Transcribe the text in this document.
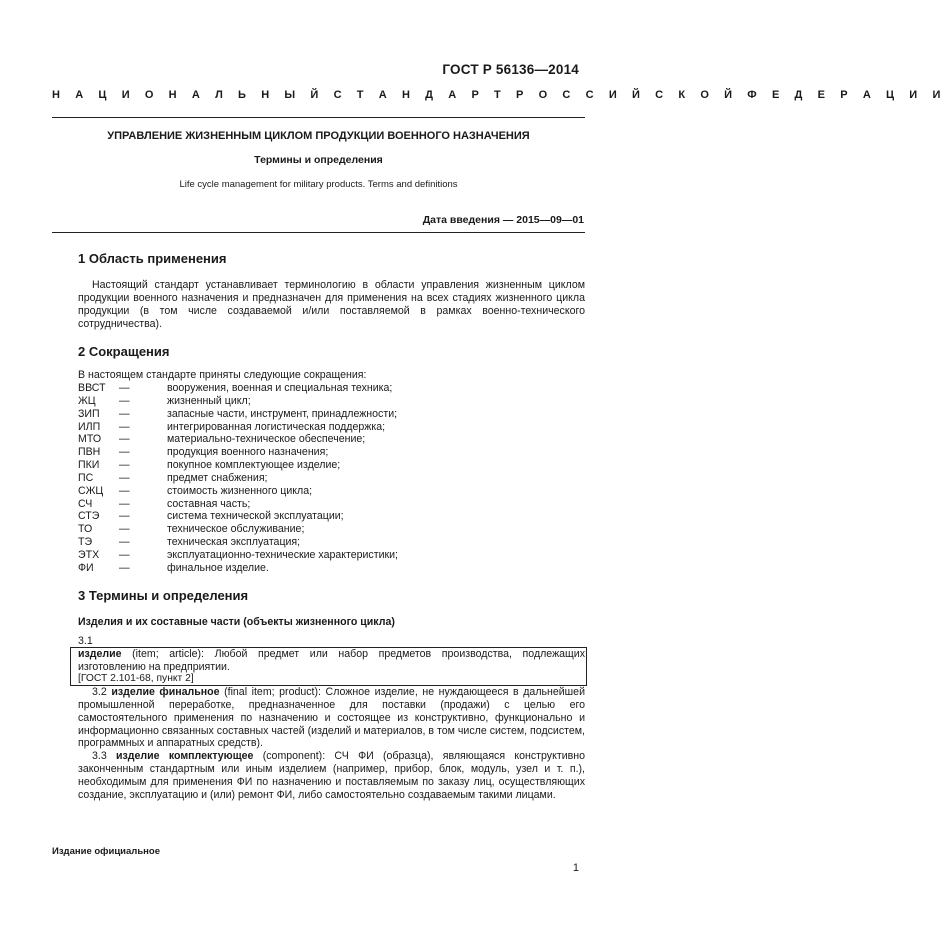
ГОСТ Р 56136—2014
Н А Ц И О Н А Л Ь Н Ы Й С Т А Н Д А Р Т Р О С С И Й С К О Й Ф Е Д Е Р А Ц И И
УПРАВЛЕНИЕ ЖИЗНЕННЫМ ЦИКЛОМ ПРОДУКЦИИ ВОЕННОГО НАЗНАЧЕНИЯ
Термины и определения
Life cycle management for military products. Terms and definitions
Дата введения — 2015—09—01
1 Область применения
Настоящий стандарт устанавливает терминологию в области управления жизненным циклом продукции военного назначения и предназначен для применения на всех стадиях жизненного цикла продукции (в том числе создаваемой и/или поставляемой в рамках военно-технического сотрудничества).
2 Сокращения
В настоящем стандарте приняты следующие сокращения:
ВВСТ —	вооружения, военная и специальная техника;
ЖЦ —	жизненный цикл;
ЗИП —	запасные части, инструмент, принадлежности;
ИЛП —	интегрированная логистическая поддержка;
МТО —	материально-техническое обеспечение;
ПВН —	продукция военного назначения;
ПКИ —	покупное комплектующее изделие;
ПС —	предмет снабжения;
СЖЦ —	стоимость жизненного цикла;
СЧ	—	составная часть;
СТЭ —	система технической эксплуатации;
ТО	—	техническое обслуживание;
ТЭ	—	техническая эксплуатация;
ЭТХ —	эксплуатационно-технические характеристики;
ФИ —	финальное изделие.
3 Термины и определения
Изделия и их составные части (объекты жизненного цикла)
3.1
изделие (item; article): Любой предмет или набор предметов производства, подлежащих изготовлению на предприятии.
[ГОСТ 2.101-68, пункт 2]
3.2 изделие финальное (final item; product): Сложное изделие, не нуждающееся в дальнейшей промышленной переработке, предназначенное для поставки (продажи) с целью его самостоятельного применения по назначению и состоящее из конструктивно, функционально и информационно связанных составных частей (изделий и материалов, в том числе систем, подсистем, программных и аппаратных средств).
3.3 изделие комплектующее (component): СЧ ФИ (образца), являющаяся конструктивно законченным стандартным или иным изделием (например, прибор, блок, модуль, узел и т. п.), необходимым для применения ФИ по назначению и поставляемым по заказу лиц, осуществляющих создание, эксплуатацию и (или) ремонт ФИ, либо самостоятельно создаваемым такими лицами.
Издание официальное
1
